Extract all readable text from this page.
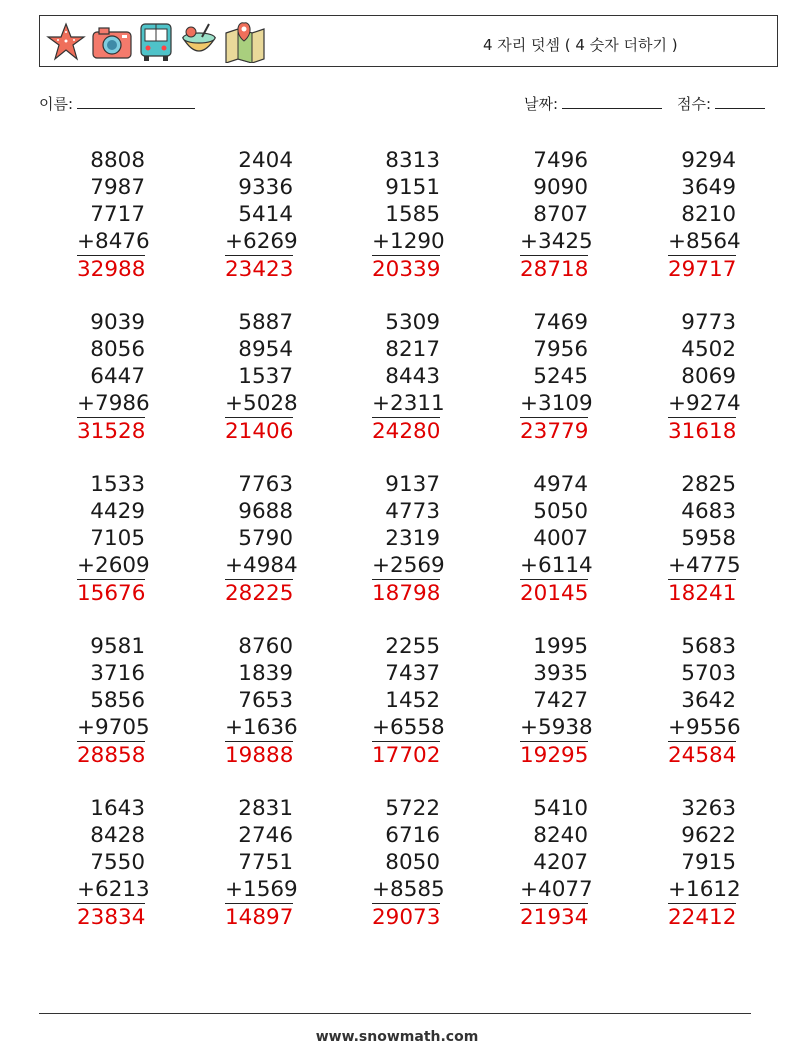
4 자리 덧셈 ( 4 숫자 더하기 )
이름:	날짜:	점수:
8808
7987
7717
+8476
32988
2404
9336
5414
+6269
23423
8313
9151
1585
+1290
20339
7496
9090
8707
+3425
28718
9294
3649
8210
+8564
29717
9039
8056
6447
+7986
31528
5887
8954
1537
+5028
21406
5309
8217
8443
+2311
24280
7469
7956
5245
+3109
23779
9773
4502
8069
+9274
31618
1533
4429
7105
+2609
15676
7763
9688
5790
+4984
28225
9137
4773
2319
+2569
18798
4974
5050
4007
+6114
20145
2825
4683
5958
+4775
18241
9581
3716
5856
+9705
28858
8760
1839
7653
+1636
19888
2255
7437
1452
+6558
17702
1995
3935
7427
+5938
19295
5683
5703
3642
+9556
24584
1643
8428
7550
+6213
23834
2831
2746
7751
+1569
14897
5722
6716
8050
+8585
29073
5410
8240
4207
+4077
21934
3263
9622
7915
+1612
22412
www.snowmath.com
